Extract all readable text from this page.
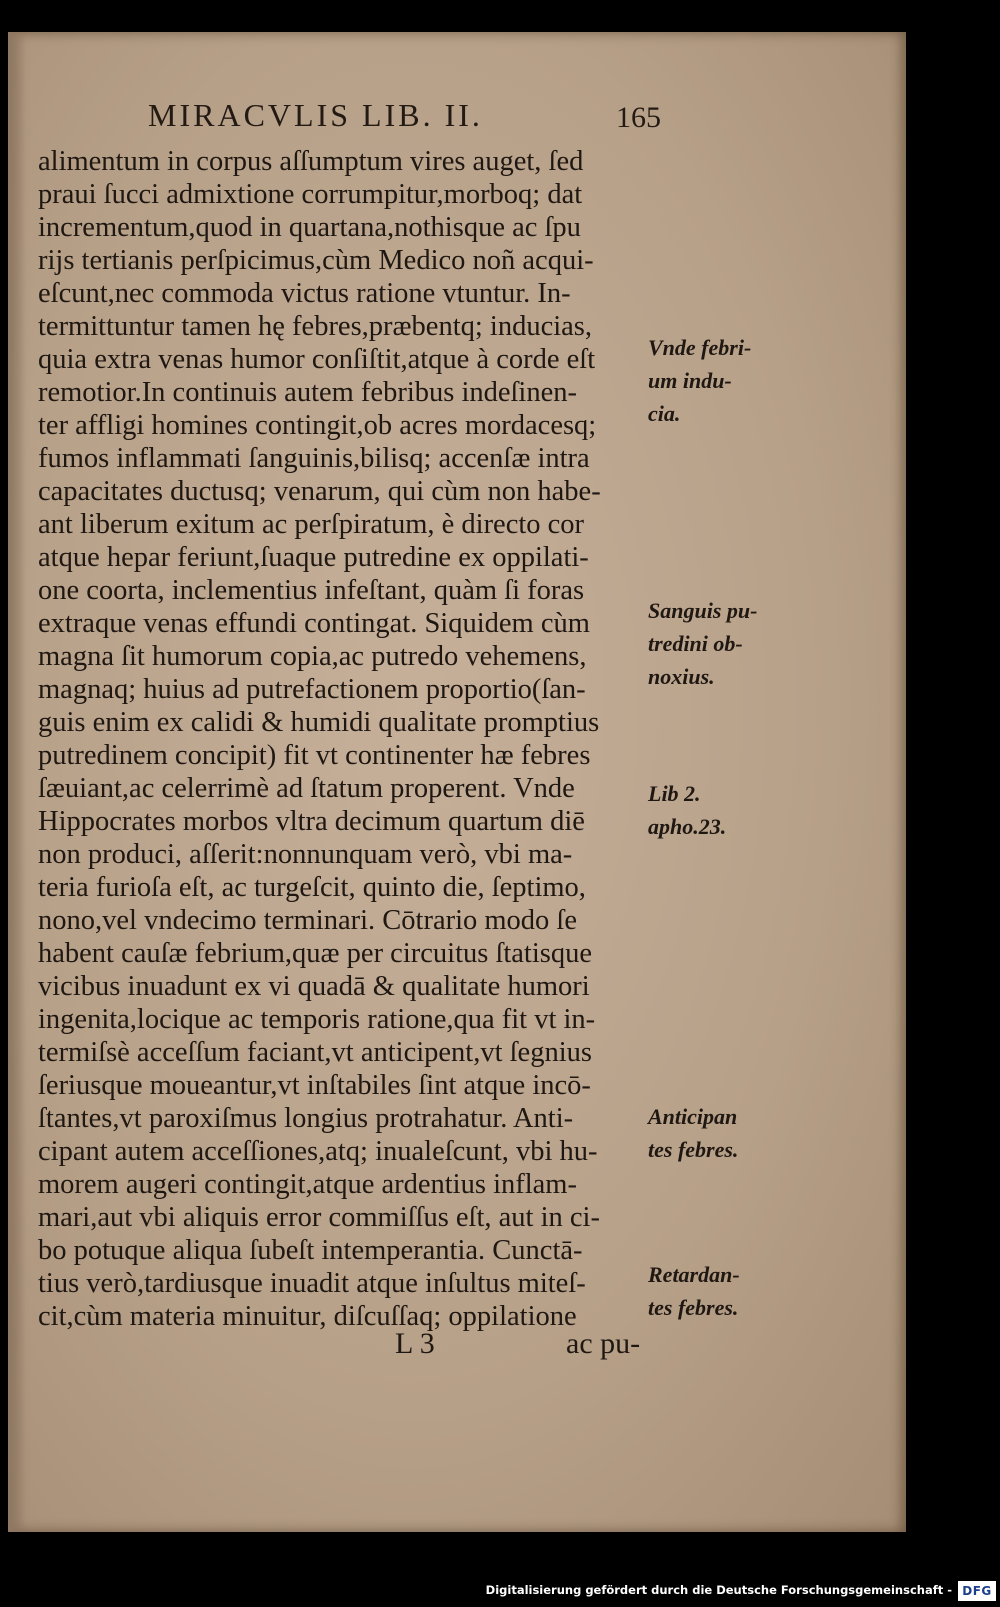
MIRACVLIS LIB. II.	165
alimentum in corpus aſſumptum vires auget, ſed
praui ſucci admixtione corrumpitur,morboq; dat
incrementum,quod in quartana,nothisque ac ſpu
rijs tertianis perſpicimus,cùm Medico noñ acqui-
eſcunt,nec commoda victus ratione vtuntur. In-
termittuntur tamen hę febres,præbentq; inducias,
quia extra venas humor conſiſtit,atque à corde eſt
remotior.In continuis autem febribus indeſinen-
ter affligi homines contingit,ob acres mordacesq;
fumos inflammati ſanguinis,bilisq; accenſæ intra
capacitates ductusq; venarum, qui cùm non habe-
ant liberum exitum ac perſpiratum, è directo cor
atque hepar feriunt,ſuaque putredine ex oppilati-
one coorta, inclementius infeſtant, quàm ſi foras
extraque venas effundi contingat. Siquidem cùm
magna ſit humorum copia,ac putredo vehemens,
magnaq; huius ad putrefactionem proportio(ſan-
guis enim ex calidi & humidi qualitate promptius
putredinem concipit) fit vt continenter hæ febres
ſæuiant,ac celerrimè ad ſtatum properent. Vnde
Hippocrates morbos vltra decimum quartum diē
non produci, aſſerit:nonnunquam verò, vbi ma-
teria furioſa eſt, ac turgeſcit, quinto die, ſeptimo,
nono,vel vndecimo terminari. Cōtrario modo ſe
habent cauſæ febrium,quæ per circuitus ſtatisque
vicibus inuadunt ex vi quadā & qualitate humori
ingenita,locique ac temporis ratione,qua fit vt in-
termiſsè acceſſum faciant,vt anticipent,vt ſegnius
ſeriusque moueantur,vt inſtabiles ſint atque incō-
ſtantes,vt paroxiſmus longius protrahatur. Anti-
cipant autem acceſſiones,atq; inualeſcunt, vbi hu-
morem augeri contingit,atque ardentius inflam-
mari,aut vbi aliquis error commiſſus eſt, aut in ci-
bo potuque aliqua ſubeſt intemperantia. Cunctā-
tius verò,tardiusque inuadit atque inſultus miteſ-
cit,cùm materia minuitur, diſcuſſaq; oppilatione
Vnde febri-
um indu-
cia.
Sanguis pu-
tredini ob-
noxius.
Lib 2.
apho.23.
Anticipan
tes febres.
Retardan-
tes febres.
L 3	ac pu-
Digitalisierung gefördert durch die Deutsche Forschungsgemeinschaft - DFG
